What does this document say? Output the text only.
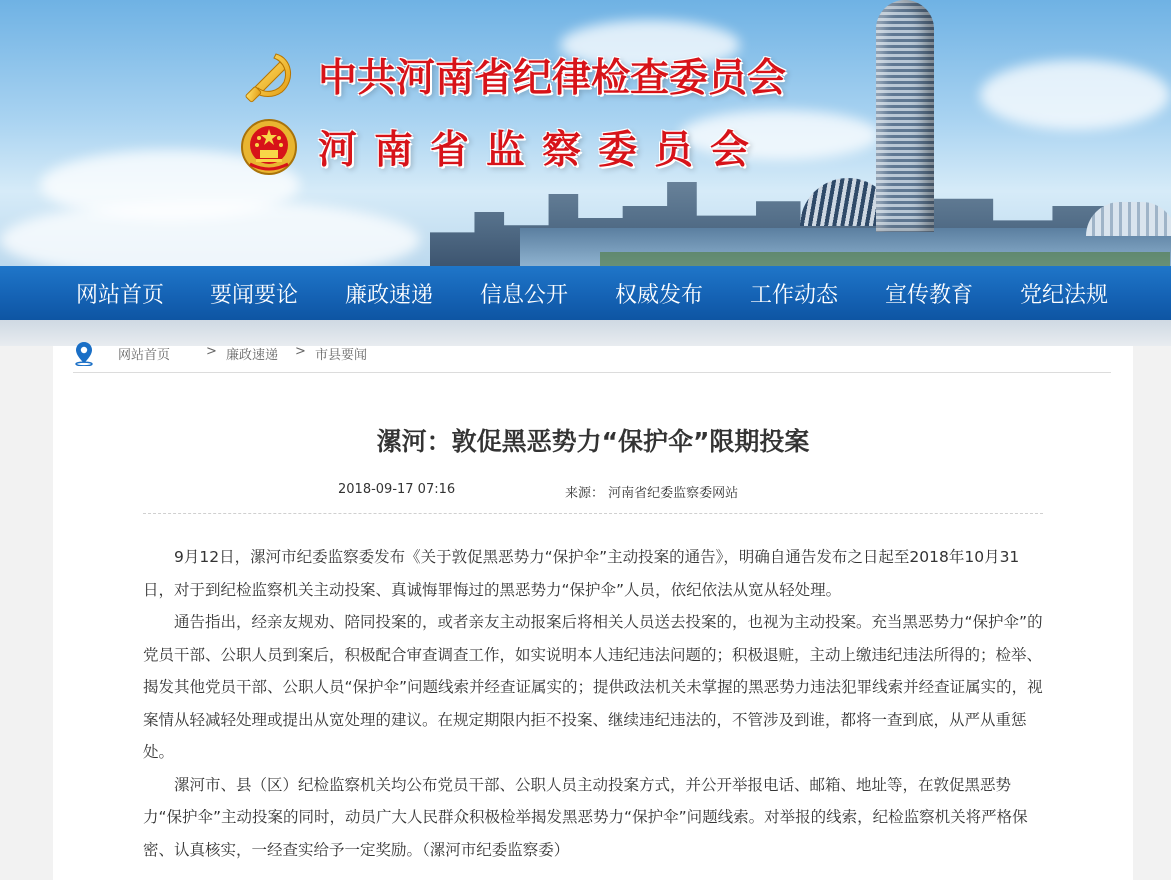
中共河南省纪律检查委员会
河南省监察委员会
网站首页 要闻要论 廉政速递 信息公开 权威发布 工作动态 宣传教育 党纪法规
网站首页	> 廉政速递 > 市县要闻
漯河：敦促黑恶势力“保护伞”限期投案
2018-09-17 07:16	来源： 河南省纪委监察委网站

9月12日，漯河市纪委监察委发布《关于敦促黑恶势力“保护伞”主动投案的通告》，明确自通告发布之日起至2018年10月31日，对于到纪检监察机关主动投案、真诚悔罪悔过的黑恶势力“保护伞”人员，依纪依法从宽从轻处理。

通告指出，经亲友规劝、陪同投案的，或者亲友主动报案后将相关人员送去投案的，也视为主动投案。充当黑恶势力“保护伞”的党员干部、公职人员到案后，积极配合审查调查工作，如实说明本人违纪违法问题的；积极退赃，主动上缴违纪违法所得的；检举、揭发其他党员干部、公职人员“保护伞”问题线索并经查证属实的；提供政法机关未掌握的黑恶势力违法犯罪线索并经查证属实的，视案情从轻减轻处理或提出从宽处理的建议。在规定期限内拒不投案、继续违纪违法的，不管涉及到谁，都将一查到底，从严从重惩处。

漯河市、县（区）纪检监察机关均公布党员干部、公职人员主动投案方式，并公开举报电话、邮箱、地址等，在敦促黑恶势力“保护伞”主动投案的同时，动员广大人民群众积极检举揭发黑恶势力“保护伞”问题线索。对举报的线索，纪检监察机关将严格保密、认真核实，一经查实给予一定奖励。（漯河市纪委监察委）
